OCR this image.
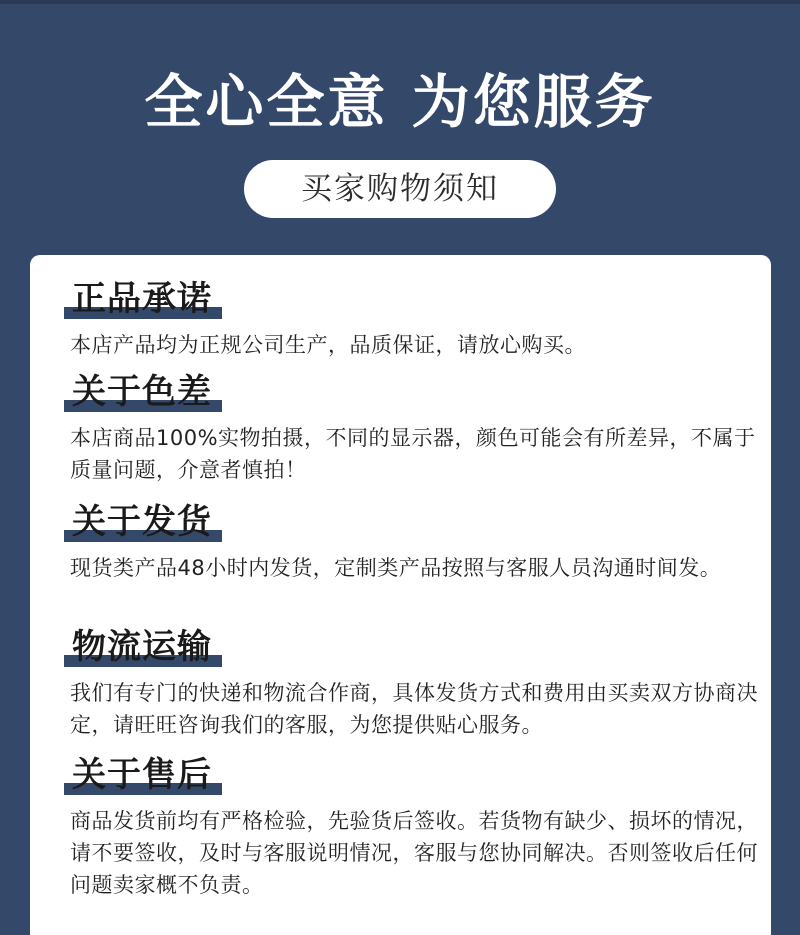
全心全意 为您服务
买家购物须知
正品承诺
本店产品均为正规公司生产，品质保证，请放心购买。
关于色差
本店商品100%实物拍摄，不同的显示器，颜色可能会有所差异，不属于质量问题，介意者慎拍！
关于发货
现货类产品48小时内发货，定制类产品按照与客服人员沟通时间发。
物流运输
我们有专门的快递和物流合作商，具体发货方式和费用由买卖双方协商决定，请旺旺咨询我们的客服，为您提供贴心服务。
关于售后
商品发货前均有严格检验，先验货后签收。若货物有缺少、损坏的情况，请不要签收，及时与客服说明情况，客服与您协同解决。否则签收后任何问题卖家概不负责。
